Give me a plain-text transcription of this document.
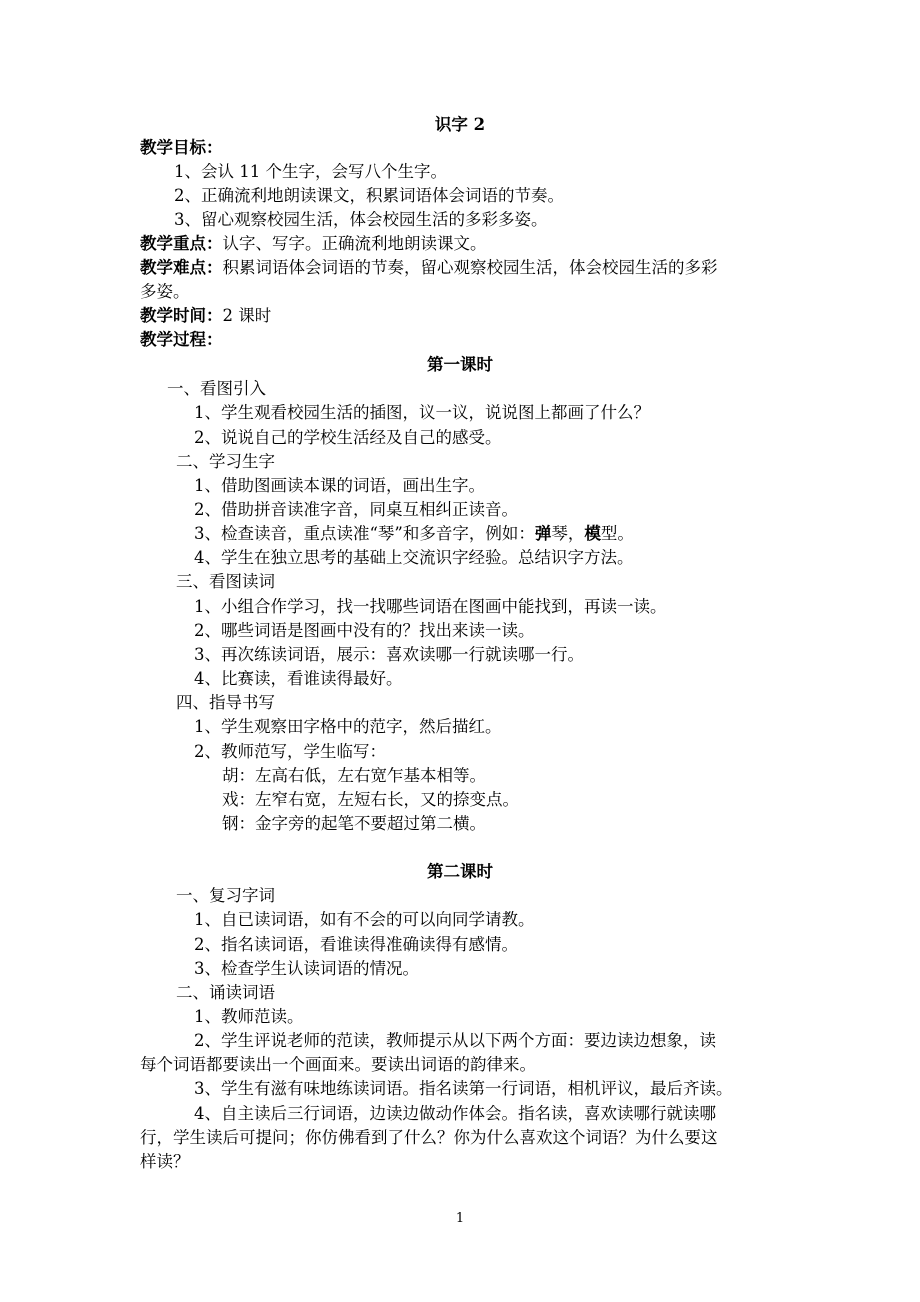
识字 2
教学目标：
1、会认 11 个生字，会写八个生字。
2、正确流利地朗读课文，积累词语体会词语的节奏。
3、留心观察校园生活，体会校园生活的多彩多姿。
教学重点：认字、写字。正确流利地朗读课文。
教学难点：积累词语体会词语的节奏，留心观察校园生活，体会校园生活的多彩
多姿。
教学时间：2 课时
教学过程：
第一课时
一、看图引入
1、学生观看校园生活的插图，议一议，说说图上都画了什么？
2、说说自己的学校生活经及自己的感受。
二、学习生字
1、借助图画读本课的词语，画出生字。
2、借助拼音读准字音，同桌互相纠正读音。
3、检查读音，重点读准“琴”和多音字，例如：弹琴，模型。
4、学生在独立思考的基础上交流识字经验。总结识字方法。
三、看图读词
1、小组合作学习，找一找哪些词语在图画中能找到，再读一读。
2、哪些词语是图画中没有的？找出来读一读。
3、再次练读词语，展示：喜欢读哪一行就读哪一行。
4、比赛读，看谁读得最好。
四、指导书写
1、学生观察田字格中的范字，然后描红。
2、教师范写，学生临写：
胡：左高右低，左右宽乍基本相等。
戏：左窄右宽，左短右长，又的捺变点。
钢：金字旁的起笔不要超过第二横。
第二课时
一、复习字词
1、自已读词语，如有不会的可以向同学请教。
2、指名读词语，看谁读得准确读得有感情。
3、检查学生认读词语的情况。
二、诵读词语
1、教师范读。
2、学生评说老师的范读，教师提示从以下两个方面：要边读边想象，读
每个词语都要读出一个画面来。要读出词语的韵律来。
3、学生有滋有味地练读词语。指名读第一行词语，相机评议，最后齐读。
4、自主读后三行词语，边读边做动作体会。指名读，喜欢读哪行就读哪
行，学生读后可提问；你仿佛看到了什么？你为什么喜欢这个词语？为什么要这
样读？
1
